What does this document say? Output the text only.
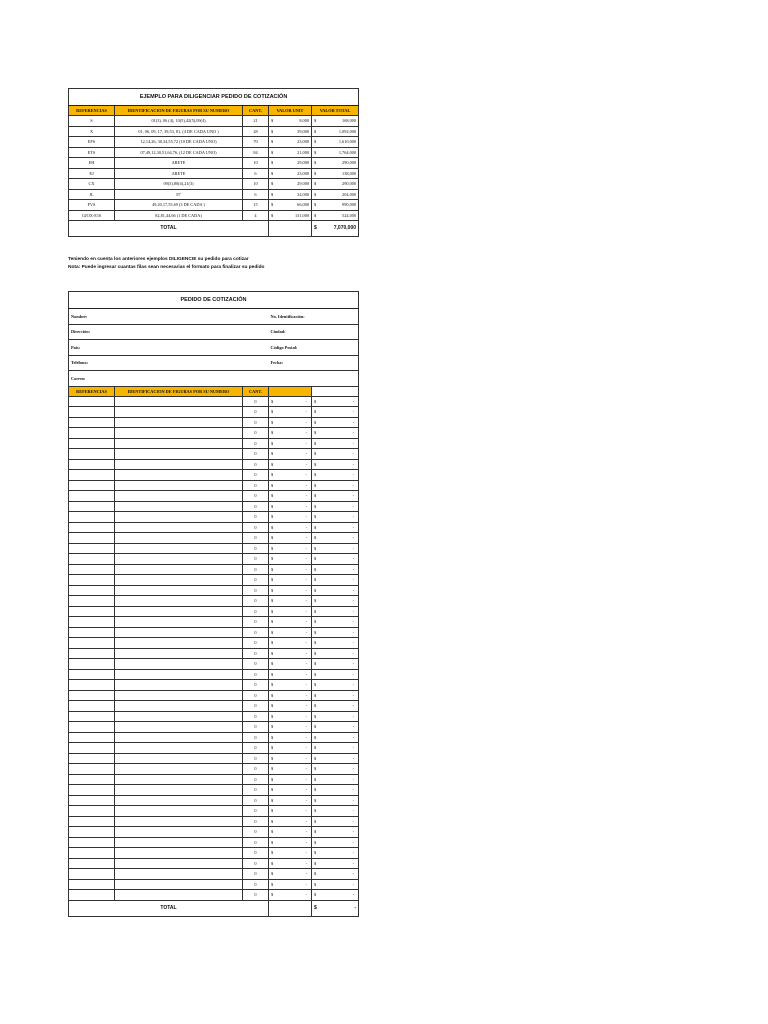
EJEMPLO PARA DILIGENCIAR PEDIDO DE COTIZACIÓN				
REFERENCIAS	IDENTIFICACION DE FIGURAS POR SU NUMERO	CANT.	VALOR UNIT	VALOR TOTAL
S	01(3), 06 (4), 10(5),42(5),09(4)	21	$ 8,000	$ 168,000

X	01, 06, 09, 17, 39,53, 81, (4 DE CADA UNO )	28	$ 39,000	$ 1,092,000

EFS	12,14,26, 30,34,55,72 (10 DE CADA UNO)	70	$ 23,000	$ 1,610,000

ETS	07,49,12,30,51,64,76, (12 DE CADA UNO)	84	$ 21,000	$ 1,764,000

EH	ARETE	10	$ 29,000	$ 290,000

EJ	ARETE	6	$ 23,000	$ 138,000

CX	09(3),80(4),21(3)	10	$ 29,000	$ 290,000

JL	87	6	$ 34,000	$ 204,000

FVS	49,20,17,55,69 (3 DE CADA )	15	$ 66,000	$ 990,000

GJOX-E10	82,81,44,66 (1 DE CADA)	4	$ 131,000	$ 524,000

TOTAL				$ 7,070,000
Teniendo en cuenta los anteriores ejemplos DILIGENCIE su pedido para cotizar
Nota: Puede ingresar cuantas filas sean necesarias el formato para finalizar su pedido
PEDIDO DE COTIZACIÓN				
Nombre:			No. Identificación:	
Dirección:			Ciudad:	
País:			Código Postal:	
Teléfono:			Fecha:	
Correo:				
REFERENCIAS	IDENTIFICACION DE FIGURAS POR SU NUMERO	CANT.		
		0	$ -	$ -

		0	$ -	$ -

		0	$ -	$ -

		0	$ -	$ -

		0	$ -	$ -

		0	$ -	$ -

		0	$ -	$ -

		0	$ -	$ -

		0	$ -	$ -

		0	$ -	$ -

		0	$ -	$ -

		0	$ -	$ -

		0	$ -	$ -

		0	$ -	$ -

		0	$ -	$ -

		0	$ -	$ -

		0	$ -	$ -

		0	$ -	$ -

		0	$ -	$ -

		0	$ -	$ -

		0	$ -	$ -

		0	$ -	$ -

		0	$ -	$ -

		0	$ -	$ -

		0	$ -	$ -

		0	$ -	$ -

		0	$ -	$ -

		0	$ -	$ -

		0	$ -	$ -

		0	$ -	$ -

		0	$ -	$ -

		0	$ -	$ -

		0	$ -	$ -

		0	$ -	$ -

		0	$ -	$ -

		0	$ -	$ -

		0	$ -	$ -

		0	$ -	$ -

		0	$ -	$ -

		0	$ -	$ -

		0	$ -	$ -

		0	$ -	$ -

		0	$ -	$ -

		0	$ -	$ -

		0	$ -	$ -

		0	$ -	$ -

		0	$ -	$ -

		0	$ -	$ -

TOTAL				$ -
